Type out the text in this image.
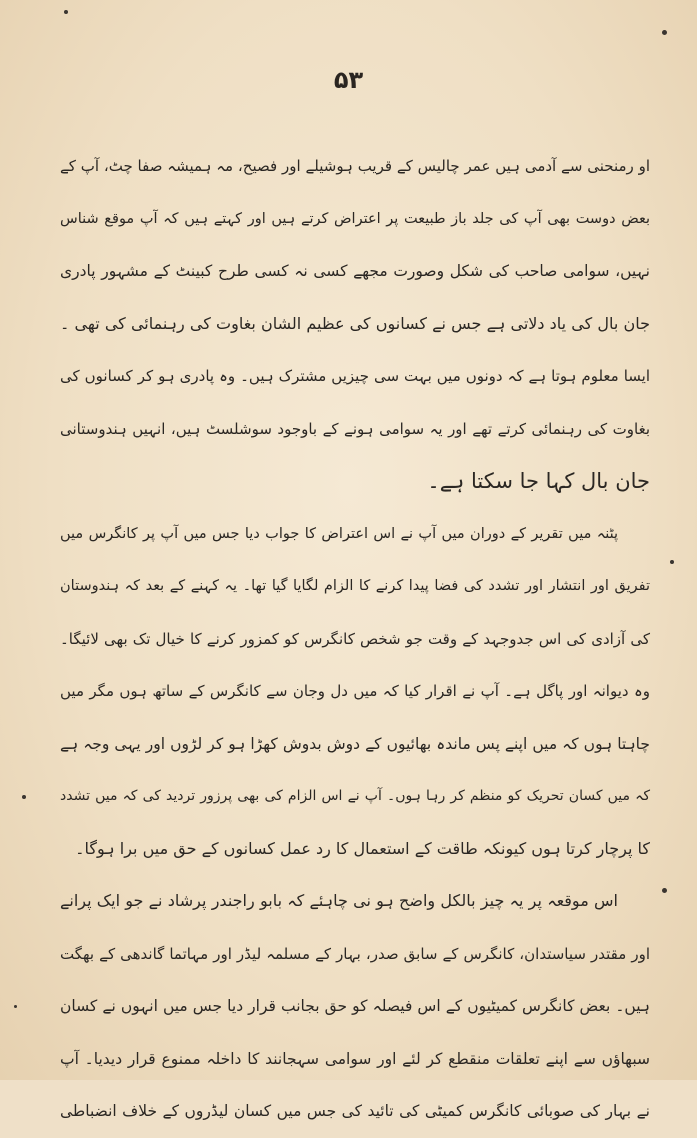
۵۳
او رمنحنی سے آدمی ہیں عمر چالیس کے قریب ہوشیلے اور فصیح، مہ ہمیشہ صفا چٹ، آپ کے
بعض دوست بھی آپ کی جلد باز طبیعت پر اعتراض کرتے ہیں اور کہتے ہیں کہ آپ موقع شناس
نہیں، سوامی صاحب کی شکل وصورت مجھے کسی نہ کسی طرح کبینٹ کے مشہور پادری
جان بال کی یاد دلاتی ہے جس نے کسانوں کی عظیم الشان بغاوت کی رہنمائی کی تھی ۔
ایسا معلوم ہوتا ہے کہ دونوں میں بہت سی چیزیں مشترک ہیں۔ وہ پادری ہو کر کسانوں کی
بغاوت کی رہنمائی کرتے تھے اور یہ سوامی ہونے کے باوجود سوشلسٹ ہیں، انہیں ہندوستانی
جان بال کہا جا سکتا ہے۔
پٹنہ میں تقریر کے دوران میں آپ نے اس اعتراض کا جواب دیا جس میں آپ پر کانگرس میں
تفریق اور انتشار اور تشدد کی فضا پیدا کرنے کا الزام لگایا گیا تھا۔ یہ کہنے کے بعد کہ ہندوستان
کی آزادی کی اس جدوجہد کے وقت جو شخص کانگرس کو کمزور کرنے کا خیال تک بھی لائیگا۔
وہ دیوانہ اور پاگل ہے۔ آپ نے اقرار کیا کہ میں دل وجان سے کانگرس کے ساتھ ہوں مگر میں
چاہتا ہوں کہ میں اپنے پس ماندہ بھائیوں کے دوش بدوش کھڑا ہو کر لڑوں اور یہی وجہ ہے
کہ میں کسان تحریک کو منظم کر رہا ہوں۔ آپ نے اس الزام کی بھی پرزور تردید کی کہ میں تشدد
کا پرچار کرتا ہوں کیونکہ طاقت کے استعمال کا رد عمل کسانوں کے حق میں برا ہوگا۔
اس موقعہ پر یہ چیز بالکل واضح ہو نی چاہئے کہ بابو راجندر پرشاد نے جو ایک پرانے
اور مقتدر سیاستدان، کانگرس کے سابق صدر، بہار کے مسلمہ لیڈر اور مہاتما گاندھی کے بھگت
ہیں۔ بعض کانگرس کمیٹیوں کے اس فیصلہ کو حق بجانب قرار دیا جس میں انہوں نے کسان
سبھاؤں سے اپنے تعلقات منقطع کر لئے اور سوامی سہجانند کا داخلہ ممنوع قرار دیدیا۔ آپ
نے بہار کی صوبائی کانگرس کمیٹی کی تائید کی جس میں کسان لیڈروں کے خلاف انضباطی
